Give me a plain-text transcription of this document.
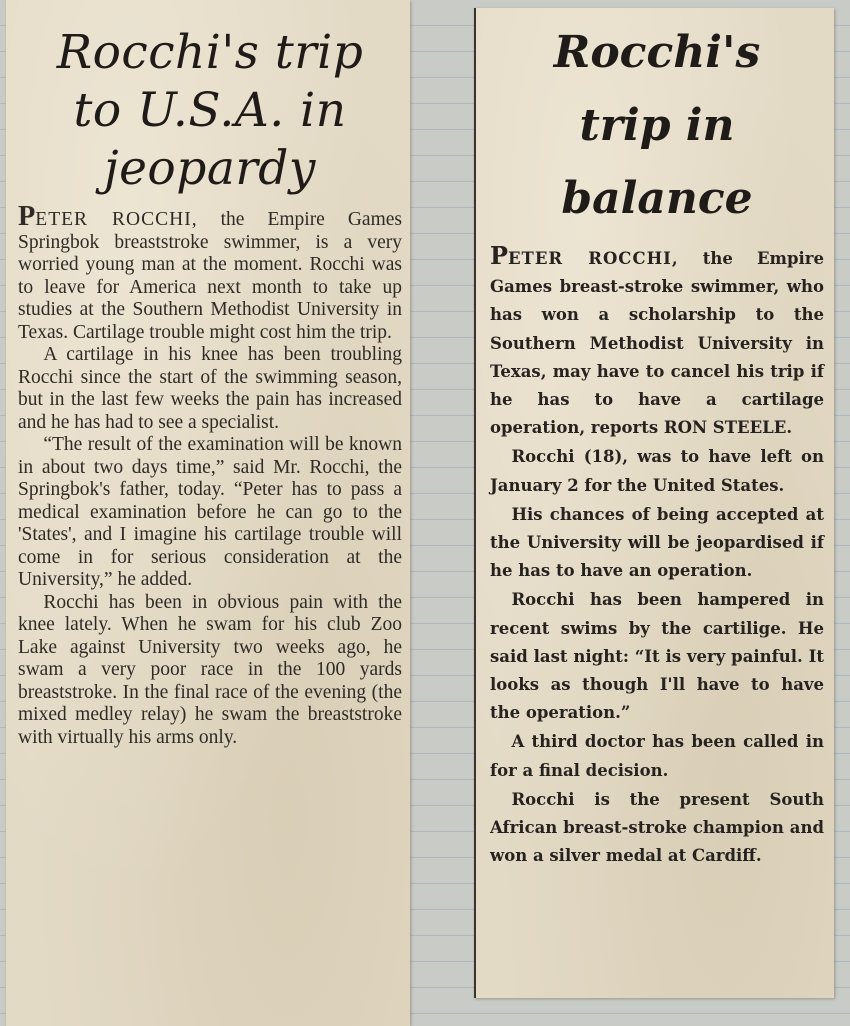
Rocchi's trip
to U.S.A. in
jeopardy

PETER ROCCHI, the Empire Games Springbok breaststroke swimmer, is a very worried young man at the moment. Rocchi was to leave for America next month to take up studies at the Southern Methodist University in Texas. Cartilage trouble might cost him the trip.

A cartilage in his knee has been troubling Rocchi since the start of the swimming season, but in the last few weeks the pain has increased and he has had to see a specialist.

“The result of the examination will be known in about two days time,” said Mr. Rocchi, the Springbok's father, today. “Peter has to pass a medical examination before he can go to the 'States', and I imagine his cartilage trouble will come in for serious consideration at the University,” he added.

Rocchi has been in obvious pain with the knee lately. When he swam for his club Zoo Lake against University two weeks ago, he swam a very poor race in the 100 yards breaststroke. In the final race of the evening (the mixed medley relay) he swam the breaststroke with virtually his arms only.

Rocchi's
trip in
balance

PETER ROCCHI, the Empire Games breast-stroke swimmer, who has won a scholarship to the Southern Methodist University in Texas, may have to cancel his trip if he has to have a cartilage operation, reports RON STEELE.

Rocchi (18), was to have left on January 2 for the United States.

His chances of being accepted at the University will be jeopardised if he has to have an operation.

Rocchi has been hampered in recent swims by the cartilige. He said last night: “It is very painful. It looks as though I'll have to have the operation.”

A third doctor has been called in for a final decision.

Rocchi is the present South African breast-stroke champion and won a silver medal at Cardiff.
